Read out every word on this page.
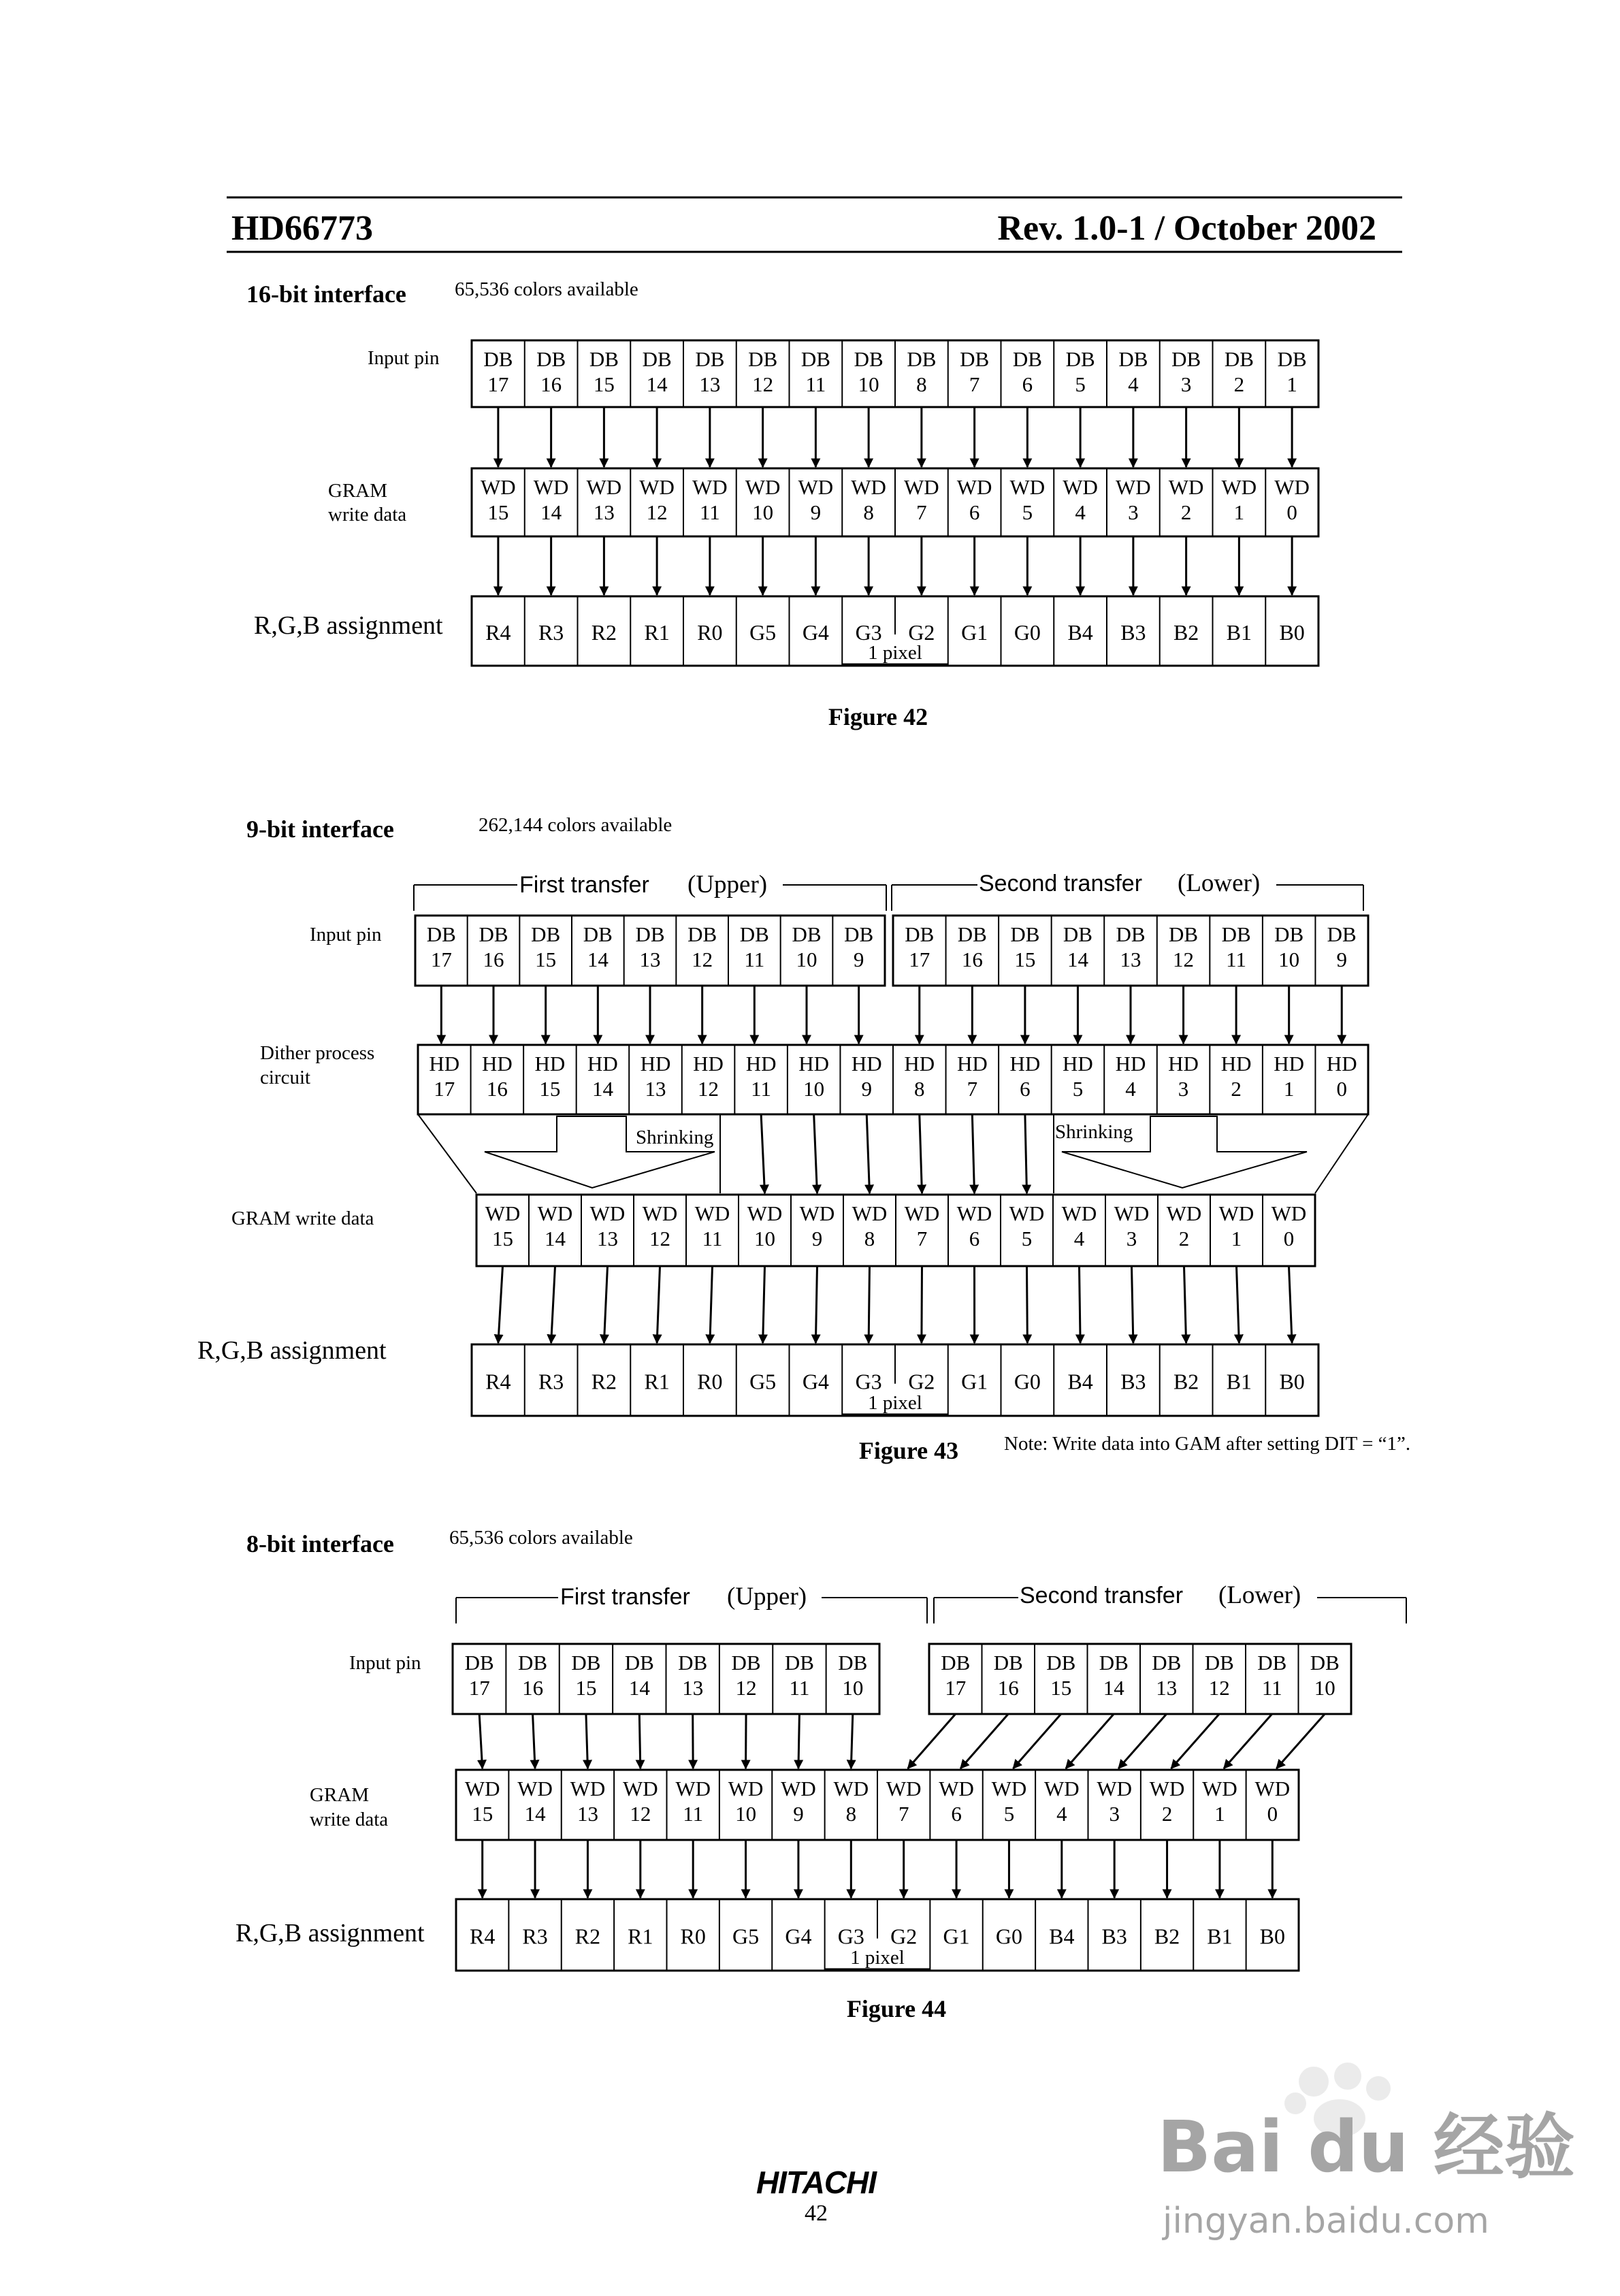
HD66773	Rev. 1.0-1 / October 2002
16-bit interface 65,536 colors available
Input pin
GRAM
write data
R,G,B assignment
Figure 42
9-bit interface	262,144 colors available
First transfer (Upper)	Second transfer (Lower)
Input pin
Dither process
circuit
GRAM write data
R,G,B assignment
Figure 43 Note: Write data into GAM after setting DIT = “1”.
Shrinking	Shrinking
8-bit interface	65,536 colors available
First transfer (Upper)	Second transfer (Lower)
Input pin
GRAM
write data
R,G,B assignment
Figure 44
HITACHI
42
Bai du 经验
jingyan.baidu.com
DB
17
DB
16
DB
15
DB
14
DB
13
DB
12
DB
11
DB
10
DB
8
DB
7
DB
6
DB
5
DB
4
DB
3
DB
2
DB
1
WD
15
WD
14
WD
13
WD
12
WD
11
WD
10
WD
9
WD
8
WD
7
WD
6
WD
5
WD
4
WD
3
WD
2
WD
1
WD
0
R4 R3 R2 R1 R0 G5 G4 G3 G2 G1 G0 B4 B3 B2 B1 B0
1 pixel
DB
17
DB
16
DB
15
DB
14
DB
13
DB
12
DB
11
DB
10
DB
9
DB
17
DB
16
DB
15
DB
14
DB
13
DB
12
DB
11
DB
10
DB
9
HD
17
HD
16
HD
15
HD
14
HD
13
HD
12
HD
11
HD
10
HD
9
HD
8
HD
7
HD
6
HD
5
HD
4
HD
3
HD
2
HD
1
HD
0
WD
15
WD
14
WD
13
WD
12
WD
11
WD
10
WD
9
WD
8
WD
7
WD
6
WD
5
WD
4
WD
3
WD
2
WD
1
WD
0
R4 R3 R2 R1 R0 G5 G4 G3 G2 G1 G0 B4 B3 B2 B1 B0
1 pixel
DB
17
DB
16
DB
15
DB
14
DB
13
DB
12
DB
11
DB
10
DB
17
DB
16
DB
15
DB
14
DB
13
DB
12
DB
11
DB
10
WD
15
WD
14
WD
13
WD
12
WD
11
WD
10
WD
9
WD
8
WD
7
WD
6
WD
5
WD
4
WD
3
WD
2
WD
1
WD
0
R4 R3 R2 R1 R0 G5 G4 G3 G2 G1 G0 B4 B3 B2 B1 B0
1 pixel
